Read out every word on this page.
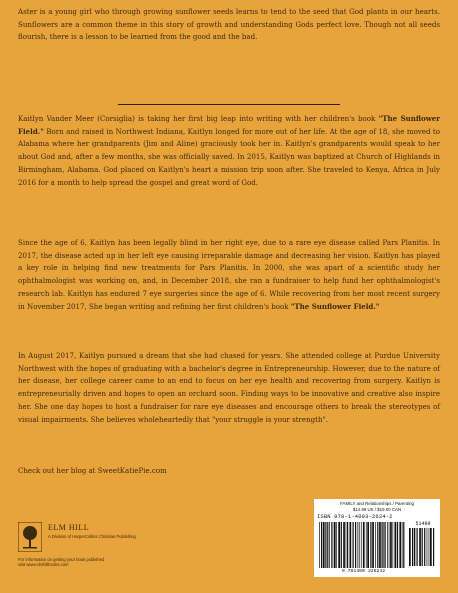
Aster is a young girl who through growing sunflower seeds learns to tend to the seed that God plants in our hearts. Sunflowers are a common theme in this story of growth and understanding Gods perfect love. Though not all seeds flourish, there is a lesson to be learned from the good and the bad.

Kaitlyn Vander Meer (Corsiglia) is taking her first big leap into writing with her children's book "The Sunflower Field." Born and raised in Northwest Indiana, Kaitlyn longed for more out of her life. At the age of 18, she moved to Alabama where her grandparents (Jim and Aline) graciously took her in. Kaitlyn's grandparents would speak to her about God and, after a few months, she was officially saved. In 2015, Kaitlyn was baptized at Church of Highlands in Birmingham, Alabama. God placed on Kaitlyn's heart a mission trip soon after. She traveled to Kenya, Africa in July 2016 for a month to help spread the gospel and great word of God.

Since the age of 6, Kaitlyn has been legally blind in her right eye, due to a rare eye disease called Pars Planitis. In 2017, the disease acted up in her left eye causing irreparable damage and decreasing her vision. Kaitlyn has played a key role in helping find new treatments for Pars Planitis. In 2000, she was apart of a scientific study her ophthalmologist was working on, and, in December 2018, she ran a fundraiser to help fund her ophthalmologist's research lab. Kaitlyn has endured 7 eye surgeries since the age of 6. While recovering from her most recent surgery in November 2017, She began writing and refining her first children's book "The Sunflower Field."

In August 2017, Kaitlyn pursued a dream that she had chased for years. She attended college at Purdue University Northwest with the hopes of graduating with a bachelor's degree in Entrepreneurship. However, due to the nature of her disease, her college career came to an end to focus on her eye health and recovering from surgery. Kaitlyn is entrepreneurially driven and hopes to open an orchard soon. Finding ways to be innovative and creative also inspire her. She one day hopes to host a fundraiser for rare eye diseases and encourage others to break the stereotypes of visual impairments. She believes wholeheartedly that "your struggle is your strength".

Check out her blog at SweetKatiePie.com

ELM HILL
A Division of HarperCollins Christian Publishing
For information on getting your book published
visit www.elmhillbooks.com
FAMILY and Relationships / Parenting
$14.99 US / $19.00 CAN
ISBN 978-1-4003-2624-2
51499
9 781400 326242
